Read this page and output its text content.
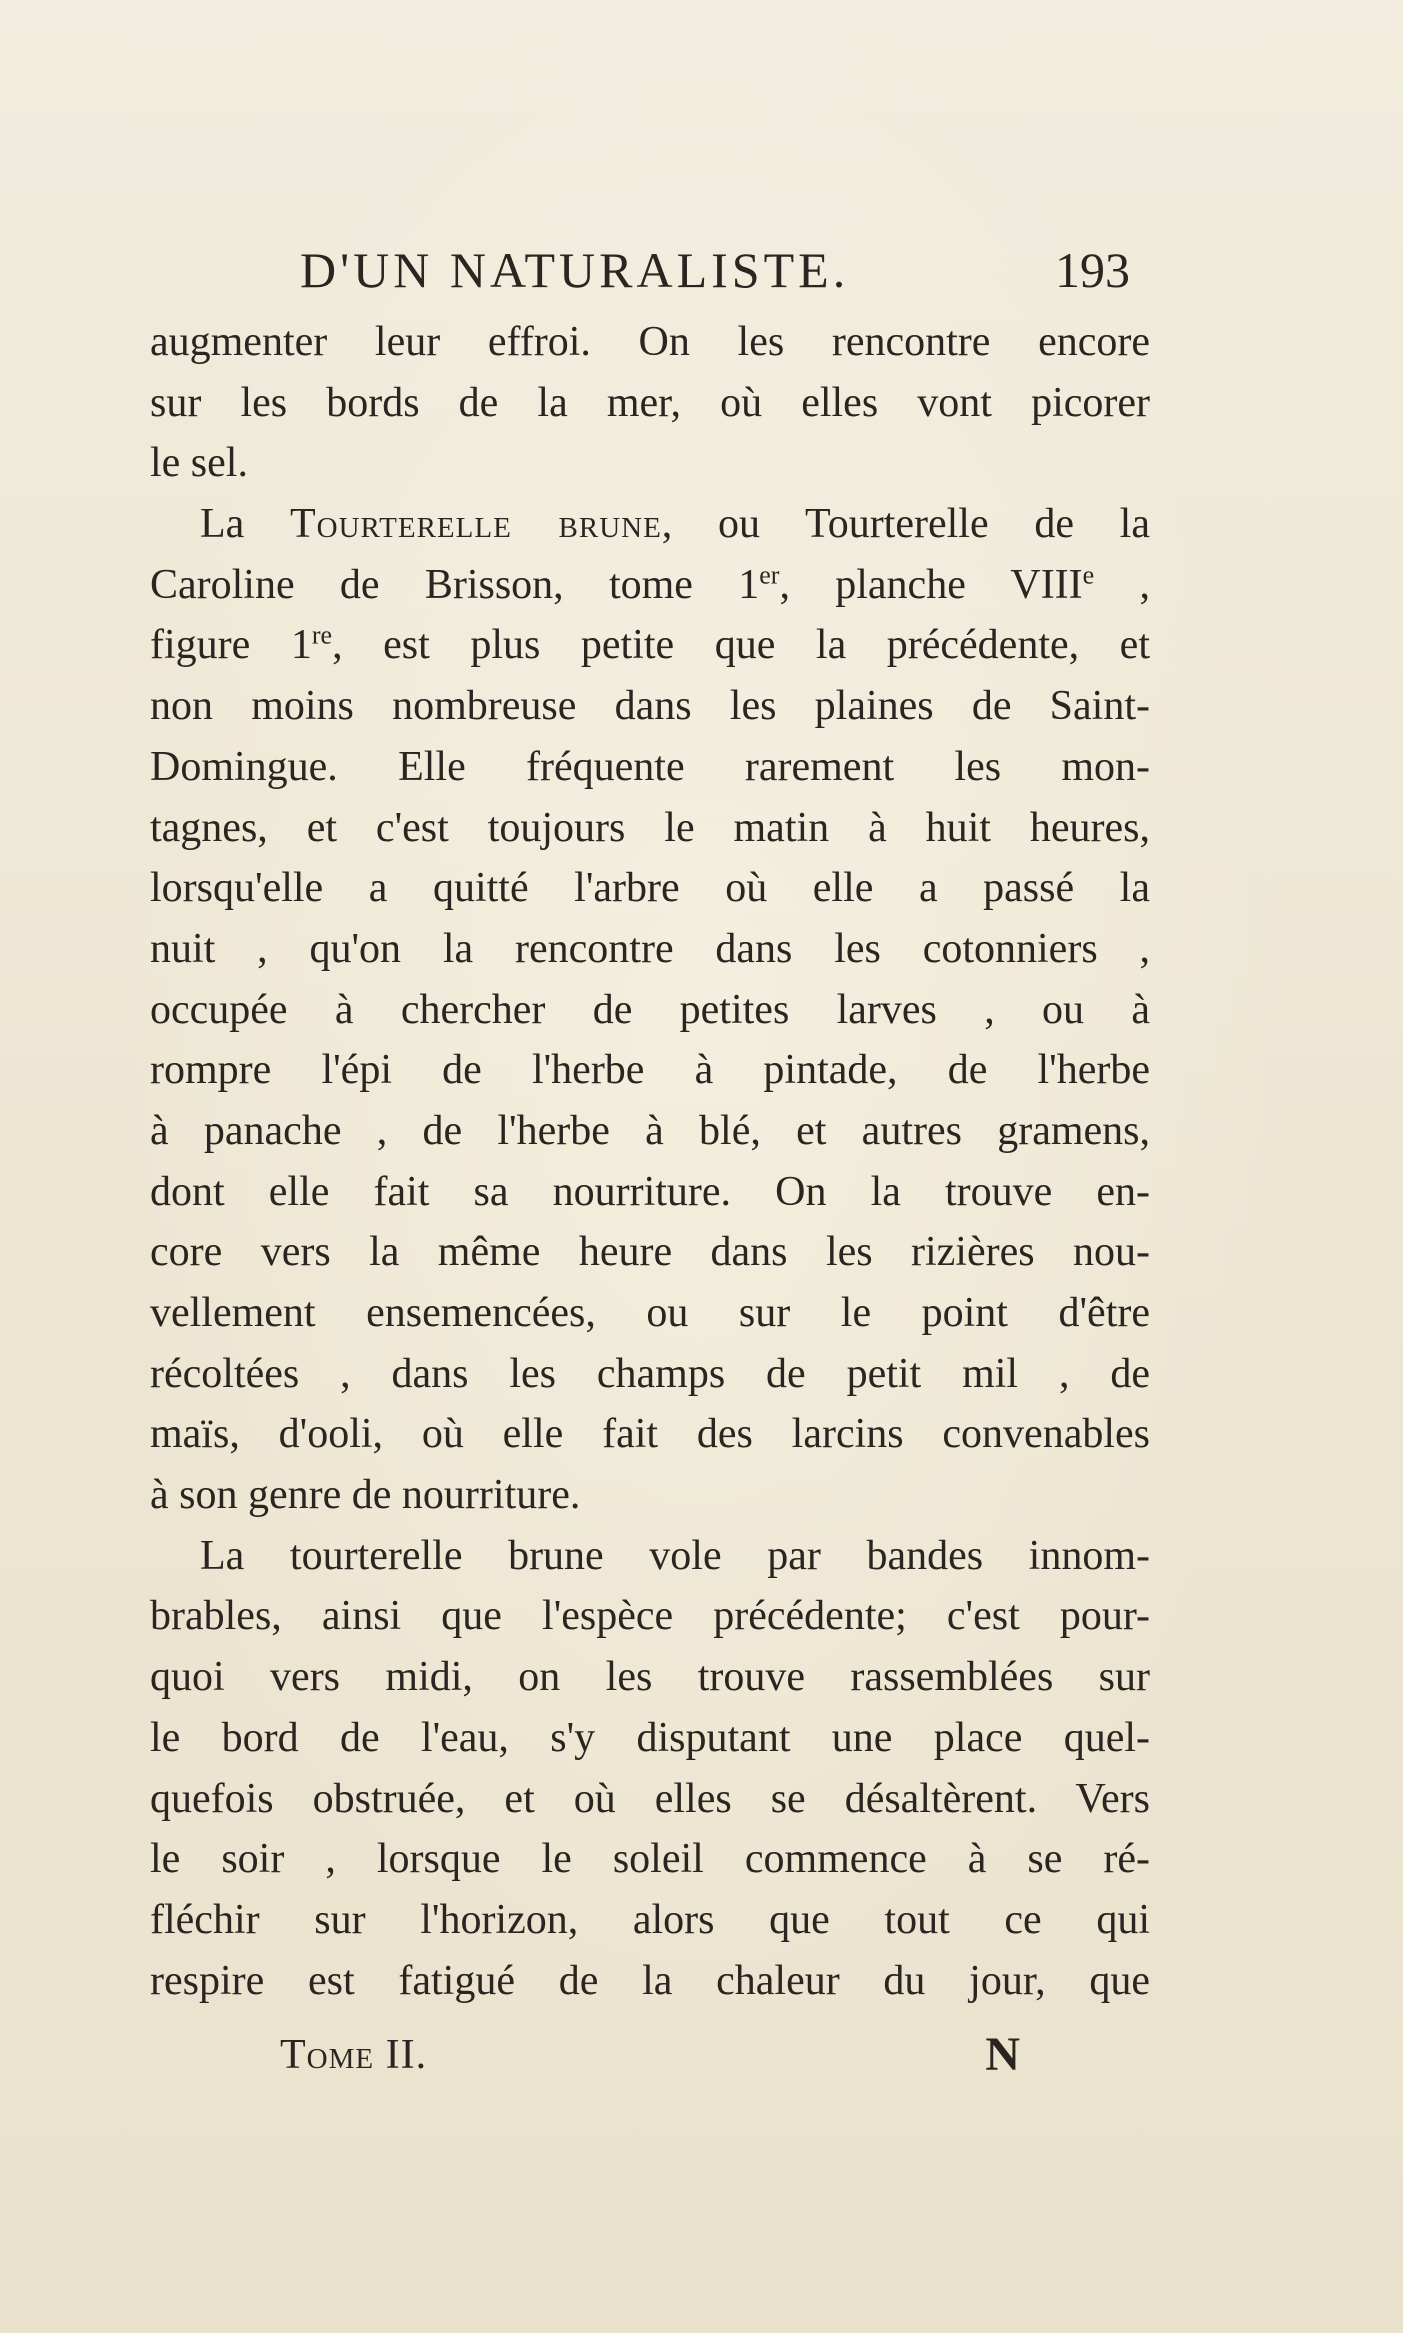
D'UN NATURALISTE.	193
augmenter leur effroi. On les rencontre encore
sur les bords de la mer, où elles vont picorer
le sel.
La Tourterelle brune, ou Tourterelle de la
Caroline de Brisson, tome 1er, planche VIIIe ,
figure 1re, est plus petite que la précédente, et
non moins nombreuse dans les plaines de Saint-
Domingue. Elle fréquente rarement les mon-
tagnes, et c'est toujours le matin à huit heures,
lorsqu'elle a quitté l'arbre où elle a passé la
nuit , qu'on la rencontre dans les cotonniers ,
occupée à chercher de petites larves , ou à
rompre l'épi de l'herbe à pintade, de l'herbe
à panache , de l'herbe à blé, et autres gramens,
dont elle fait sa nourriture. On la trouve en-
core vers la même heure dans les rizières nou-
vellement ensemencées, ou sur le point d'être
récoltées , dans les champs de petit mil , de
maïs, d'ooli, où elle fait des larcins convenables
à son genre de nourriture.
La tourterelle brune vole par bandes innom-
brables, ainsi que l'espèce précédente; c'est pour-
quoi vers midi, on les trouve rassemblées sur
le bord de l'eau, s'y disputant une place quel-
quefois obstruée, et où elles se désaltèrent. Vers
le soir , lorsque le soleil commence à se ré-
fléchir sur l'horizon, alors que tout ce qui
respire est fatigué de la chaleur du jour, que
Tome II.	N
